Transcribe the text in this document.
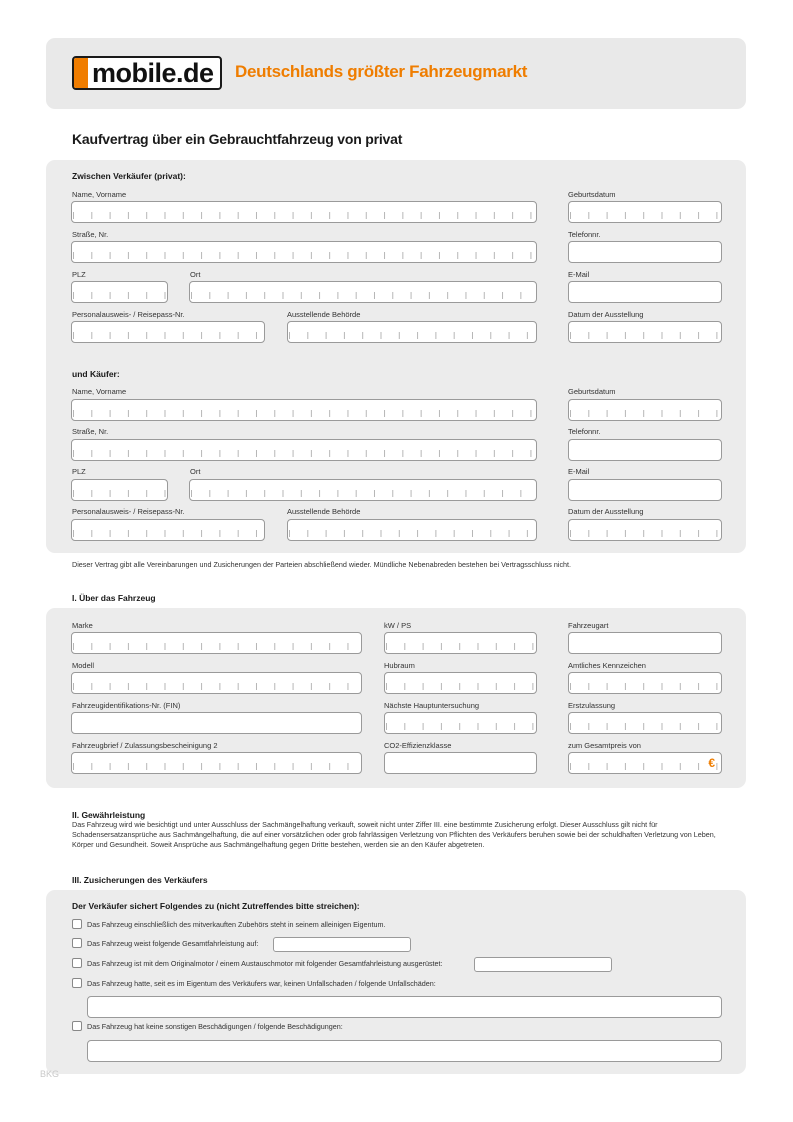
mobile.de Deutschlands größter Fahrzeugmarkt
Kaufvertrag über ein Gebrauchtfahrzeug von privat
Zwischen Verkäufer (privat):
Name, Vorname	Geburtsdatum
Straße, Nr.	Telefonnr.
PLZ	Ort	E-Mail
Personalausweis- / Reisepass-Nr.	Ausstellende Behörde	Datum der Ausstellung
und Käufer:
Name, Vorname	Geburtsdatum
Straße, Nr.	Telefonnr.
PLZ	Ort	E-Mail
Personalausweis- / Reisepass-Nr.	Ausstellende Behörde	Datum der Ausstellung
Dieser Vertrag gibt alle Vereinbarungen und Zusicherungen der Parteien abschließend wieder. Mündliche Nebenabreden bestehen bei Vertragsschluss nicht.
I. Über das Fahrzeug
Marke	kW / PS	Fahrzeugart
Modell	Hubraum	Amtliches Kennzeichen
Fahrzeugidentifikations-Nr. (FIN)	Nächste Hauptuntersuchung	Erstzulassung
Fahrzeugbrief / Zulassungsbescheinigung 2	CO2-Effizienzklasse	zum Gesamtpreis von
€
II. Gewährleistung
Das Fahrzeug wird wie besichtigt und unter Ausschluss der Sachmängelhaftung verkauft, soweit nicht unter Ziffer III. eine bestimmte Zusicherung erfolgt. Dieser Ausschluss gilt nicht für Schadensersatzansprüche aus Sachmängelhaftung, die auf einer vorsätzlichen oder grob fahrlässigen Verletzung von Pflichten des Verkäufers beruhen sowie bei der schuldhaften Verletzung von Leben, Körper und Gesundheit. Soweit Ansprüche aus Sachmängelhaftung gegen Dritte bestehen, werden sie an den Käufer abgetreten.
III. Zusicherungen des Verkäufers
Der Verkäufer sichert Folgendes zu (nicht Zutreffendes bitte streichen):
Das Fahrzeug einschließlich des mitverkauften Zubehörs steht in seinem alleinigen Eigentum.
Das Fahrzeug weist folgende Gesamtfahrleistung auf:
Das Fahrzeug ist mit dem Originalmotor / einem Austauschmotor mit folgender Gesamtfahrleistung ausgerüstet:
Das Fahrzeug hatte, seit es im Eigentum des Verkäufers war, keinen Unfallschaden / folgende Unfallschäden:
Das Fahrzeug hat keine sonstigen Beschädigungen / folgende Beschädigungen:
BKG
